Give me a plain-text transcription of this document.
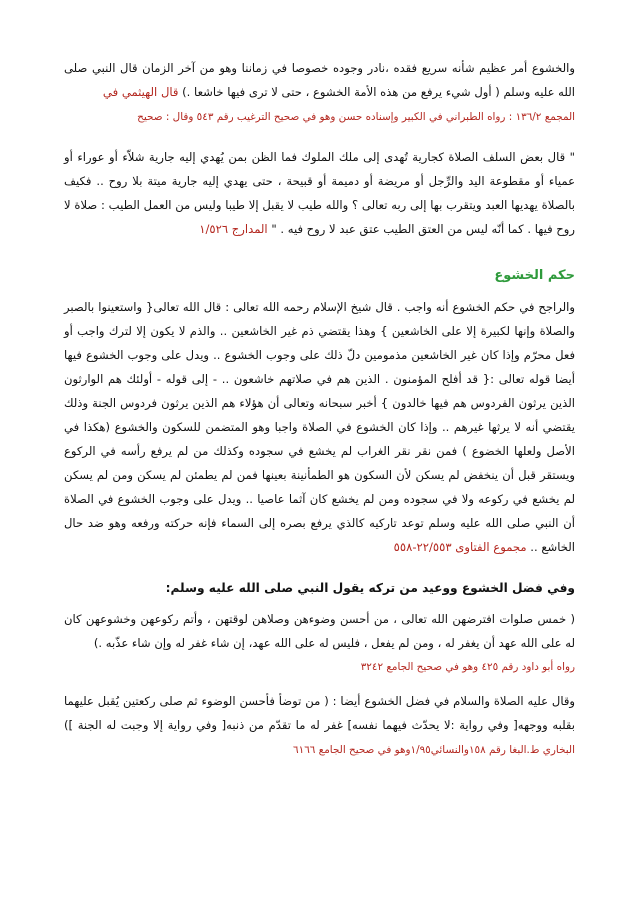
والخشوع أمر عظيم شأنه سريع فقده ،نادر وجوده خصوصا في زماننا وهو من آخر الزمان قال النبي صلى الله عليه وسلم ( أول شيء يرفع من هذه الأمة الخشوع ، حتى لا ترى فيها خاشعا .) قال الهيثمي في

المجمع ١٣٦/٢ : رواه الطبراني في الكبير وإسناده حسن وهو في صحيح الترغيب رقم ٥٤٣ وقال : صحيح

" قال بعض السلف الصلاة كجارية تُهدى إلى ملك الملوك فما الظن بمن يُهدي إليه جارية شلاّء أو عوراء أو عمياء أو مقطوعة اليد والرِّجل أو مريضة أو دميمة أو قبيحة ، حتى يهدي إليه جارية ميتة بلا روح .. فكيف بالصلاة يهديها العبد ويتقرب بها إلى ربه تعالى ؟ والله طيب لا يقبل إلا طيبا وليس من العمل الطيب : صلاة لا روح فيها . كما أنّه ليس من العتق الطيب عتق عبد لا روح فيه . " المدارج ١/٥٢٦

حكم الخشوع

والراجح في حكم الخشوع أنه واجب . قال شيخ الإسلام رحمه الله تعالى : قال الله تعالى{ واستعينوا بالصبر والصلاة وإنها لكبيرة إلا على الخاشعين } وهذا يقتضي ذم غير الخاشعين .. والذم لا يكون إلا لترك واجب أو فعل محرّم وإذا كان غير الخاشعين مذمومين دلّ ذلك على وجوب الخشوع .. ويدل على وجوب الخشوع فيها أيضا قوله تعالى :{ قد أفلح المؤمنون . الذين هم في صلاتهم خاشعون .. - إلى قوله - أولئك هم الوارثون الذين يرثون الفردوس هم فيها خالدون } أخبر سبحانه وتعالى أن هؤلاء هم الذين يرثون فردوس الجنة وذلك يقتضي أنه لا يرثها غيرهم .. وإذا كان الخشوع في الصلاة واجبا وهو المتضمن للسكون والخشوع (هكذا في الأصل ولعلها الخضوع ) فمن نقر نقر الغراب لم يخشع في سجوده وكذلك من لم يرفع رأسه في الركوع ويستقر قبل أن ينخفض لم يسكن لأن السكون هو الطمأنينة بعينها فمن لم يطمئن لم يسكن ومن لم يسكن لم يخشع في ركوعه ولا في سجوده ومن لم يخشع كان آثما عاصيا .. ويدل على وجوب الخشوع في الصلاة أن النبي صلى الله عليه وسلم توعد تاركيه كالذي يرفع بصره إلى السماء فإنه حركته ورفعه وهو ضد حال الخاشع .. مجموع الفتاوى ٢٢/٥٥٣-٥٥٨

وفي فضل الخشوع ووعيد من تركه يقول النبي صلى الله عليه وسلم:

( خمس صلوات افترضهن الله تعالى ، من أحسن وضوءهن وصلاهن لوقتهن ، وأتم ركوعهن وخشوعهن كان له على الله عهد أن يغفر له ، ومن لم يفعل ، فليس له على الله عهد، إن شاء غفر له وإن شاء عذّبه .)

رواه أبو داود رقم ٤٢٥ وهو في صحيح الجامع ٣٢٤٢

وقال عليه الصلاة والسلام في فضل الخشوع أيضا : ( من توضأ فأحسن الوضوء ثم صلى ركعتين يُقبل عليهما بقلبه ووجهه[ وفي رواية :لا يحدّث فيهما نفسه] غفر له ما تقدّم من ذنبه[ وفي رواية إلا وجبت له الجنة ]) البخاري ط.البغا رقم ١٥٨والنسائي١/٩٥وهو في صحيح الجامع ٦١٦٦
